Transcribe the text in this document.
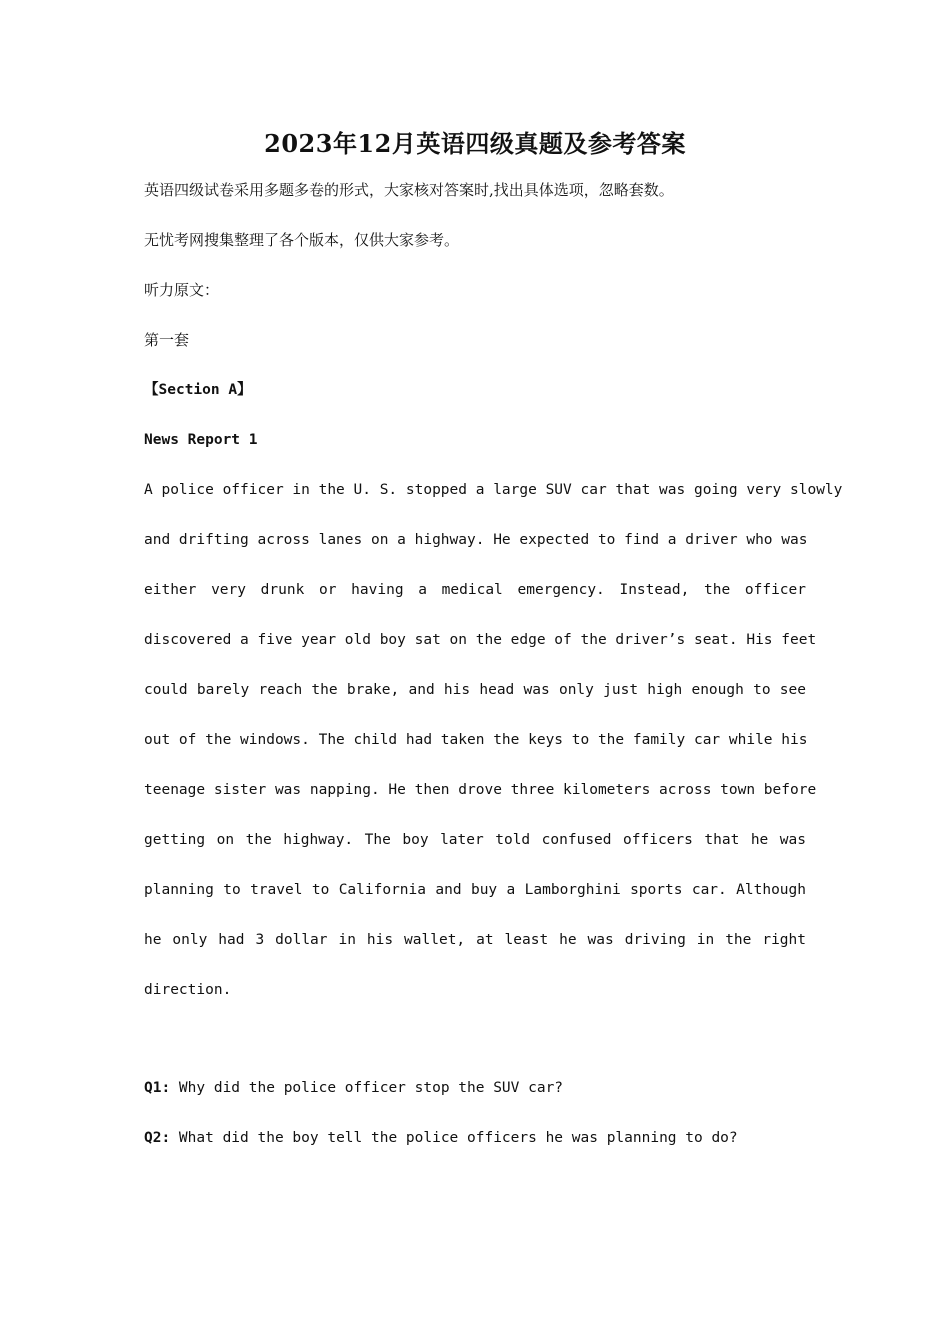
2023年12月英语四级真题及参考答案
英语四级试卷采用多题多卷的形式，大家核对答案时,找出具体选项，忽略套数。
无忧考网搜集整理了各个版本，仅供大家参考。
听力原文：
第一套
【Section A】
News Report 1
A police officer in the U. S. stopped a large SUV car that was going very slowly
and drifting across lanes on a highway. He expected to find a driver who was
either very drunk or having a medical emergency. Instead, the officer
discovered a five year old boy sat on the edge of the driver’s seat. His feet
could barely reach the brake, and his head was only just high enough to see
out of the windows. The child had taken the keys to the family car while his
teenage sister was napping. He then drove three kilometers across town before
getting on the highway. The boy later told confused officers that he was
planning to travel to California and buy a Lamborghini sports car. Although
he only had 3 dollar in his wallet, at least he was driving in the right
direction.
Q1: Why did the police officer stop the SUV car?
Q2: What did the boy tell the police officers he was planning to do?
